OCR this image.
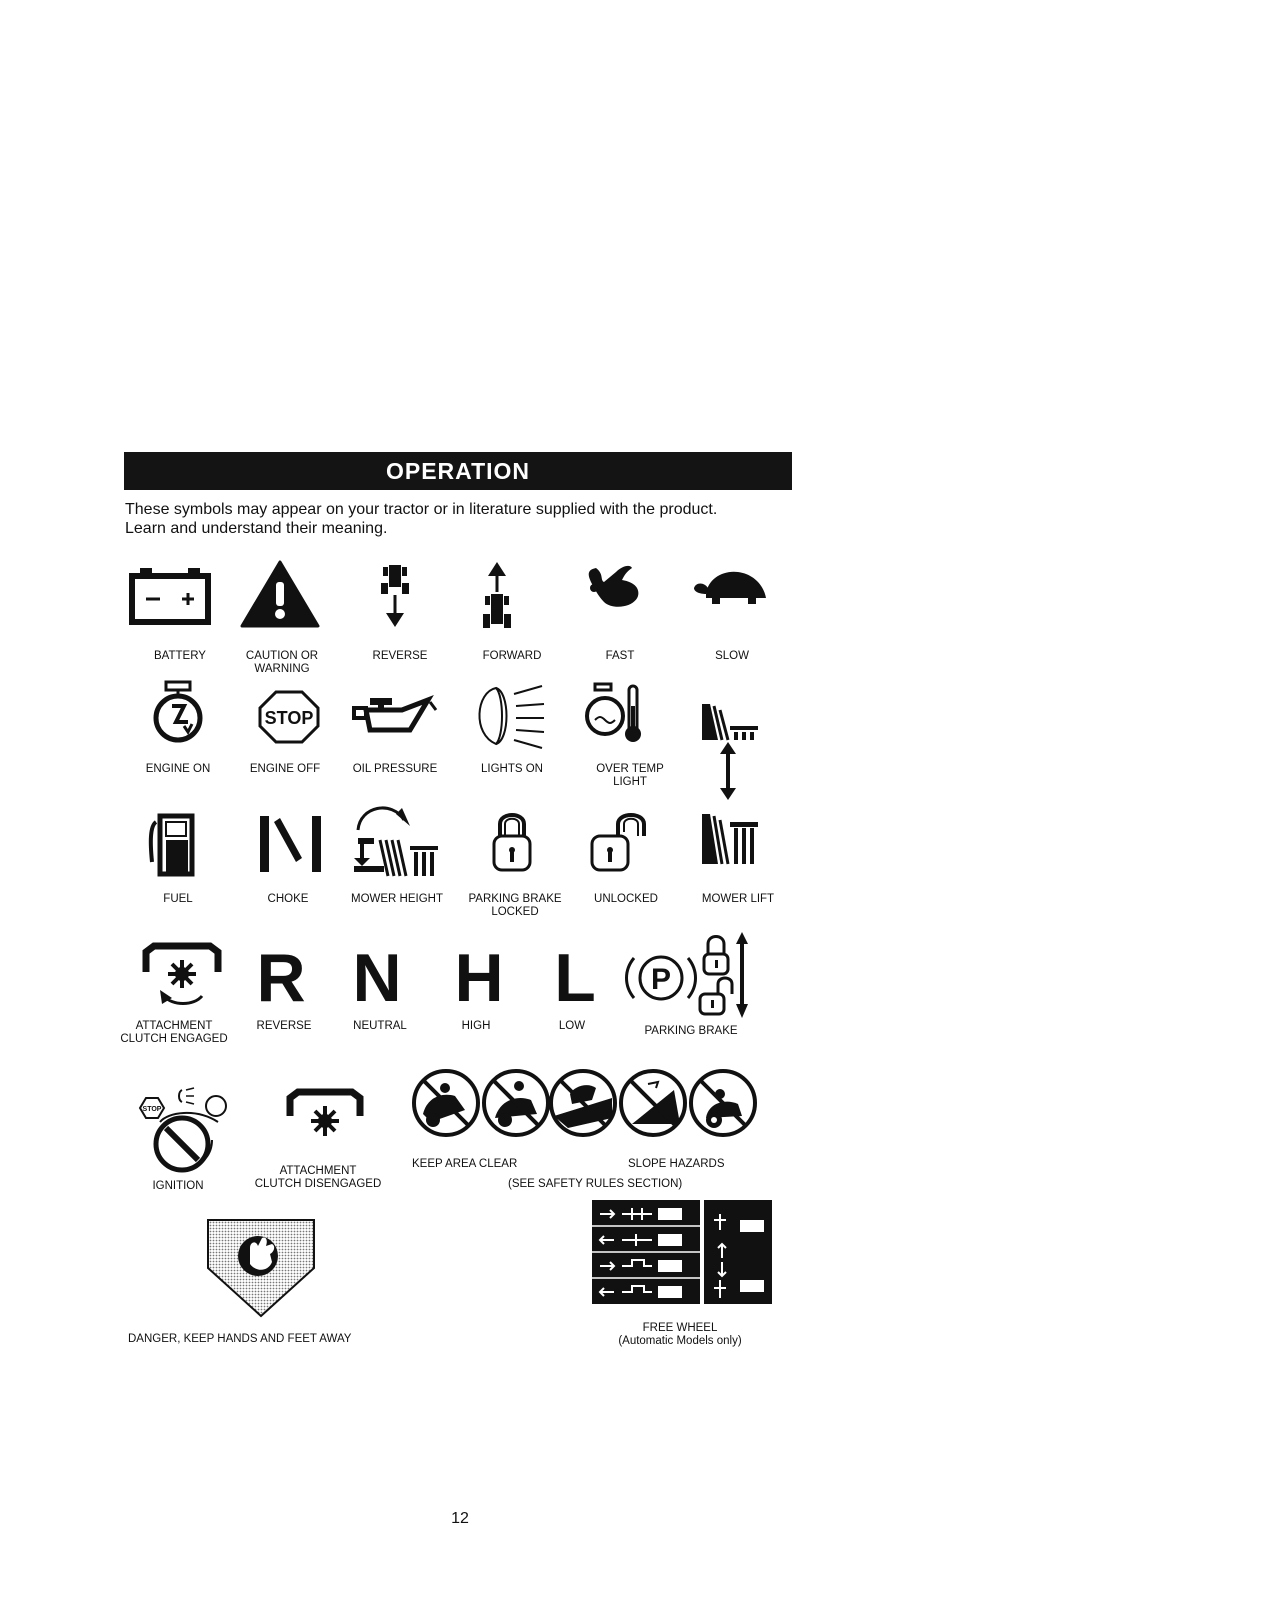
OPERATION
These symbols may appear on your tractor or in literature supplied with the product.
Learn and understand their meaning.
BATTERY	CAUTION OR
WARNING
REVERSE	FORWARD	FAST	SLOW
STOP
ENGINE ON	ENGINE OFF	OIL PRESSURE	LIGHTS ON	OVER TEMP
LIGHT
FUEL	CHOKE	MOWER HEIGHT	PARKING BRAKE
LOCKED
UNLOCKED	MOWER LIFT
R N H L	P
ATTACHMENT
CLUTCH ENGAGED
REVERSE	NEUTRAL	HIGH	LOW	PARKING BRAKE
STOP
IGNITION
ATTACHMENT
CLUTCH DISENGAGED
KEEP AREA CLEAR	SLOPE HAZARDS
(SEE SAFETY RULES SECTION)
DANGER, KEEP HANDS AND FEET AWAY
FREE WHEEL
(Automatic Models only)
12
